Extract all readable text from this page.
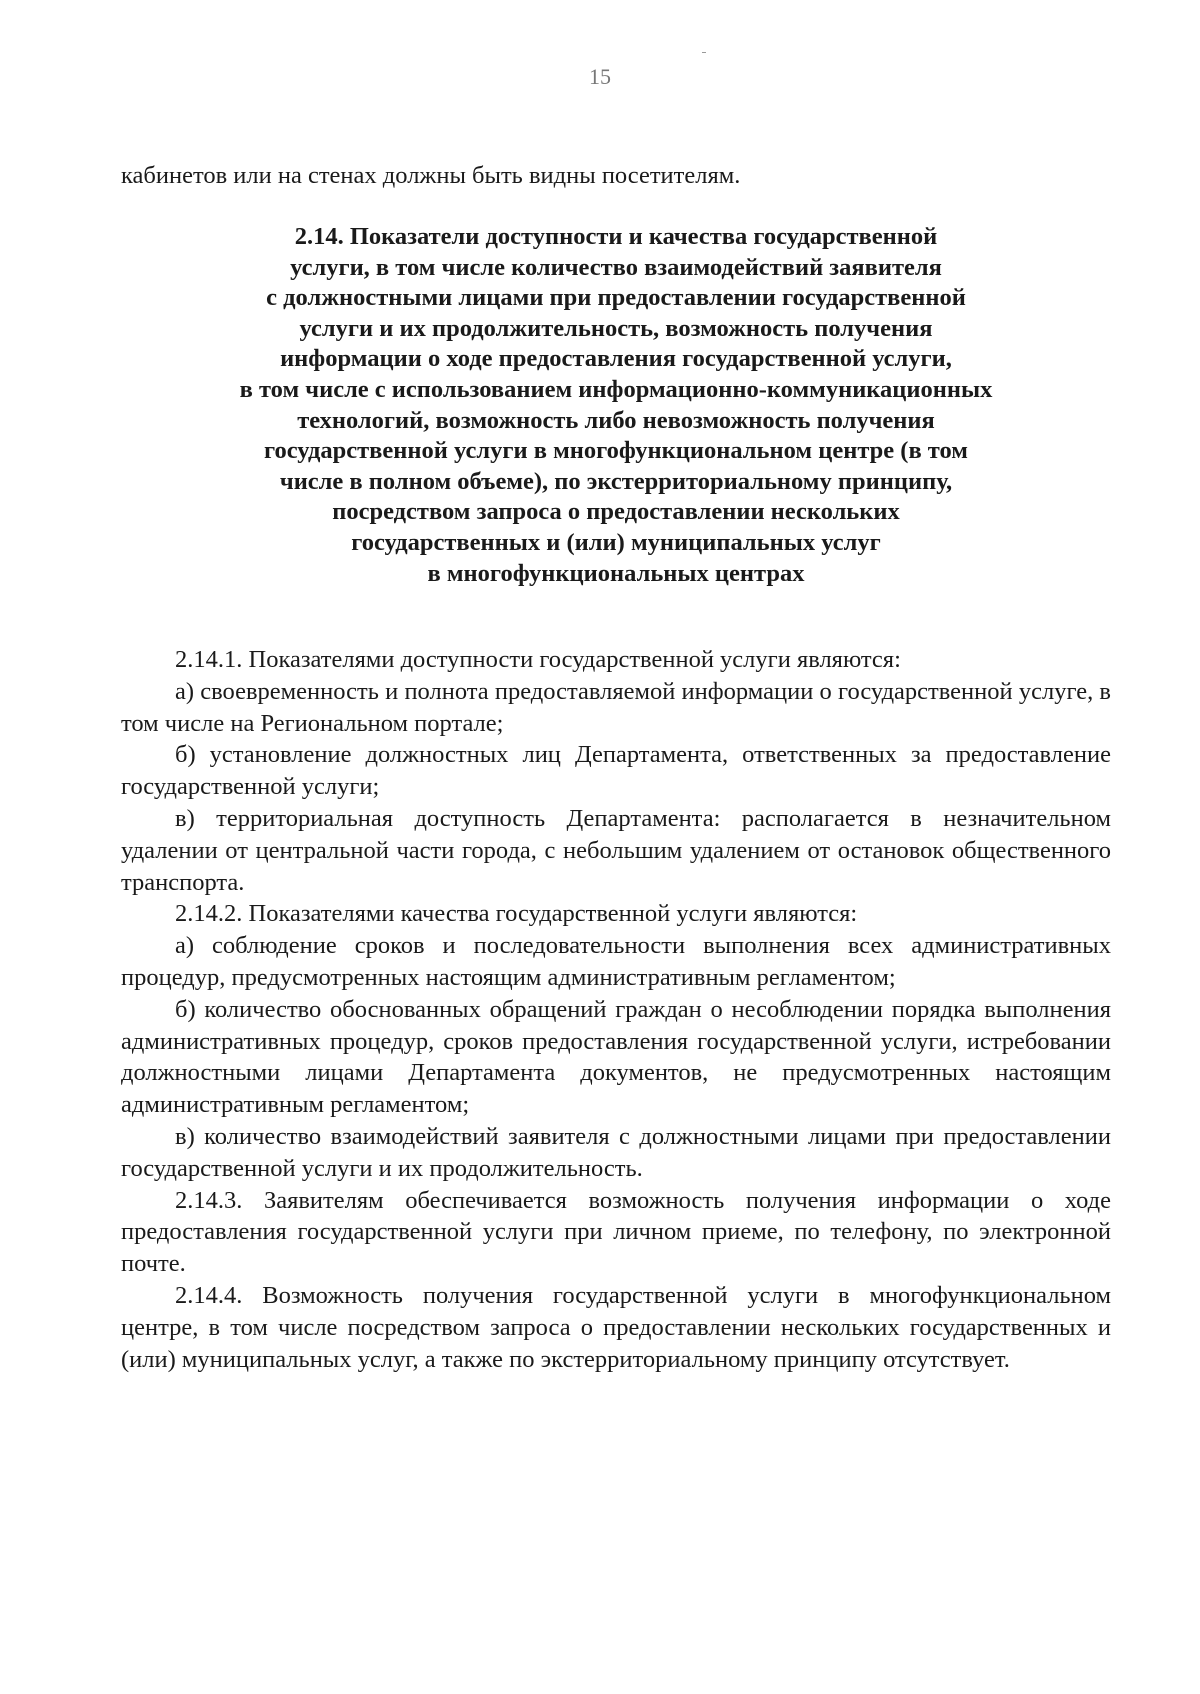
15
кабинетов или на стенах должны быть видны посетителям.
2.14. Показатели доступности и качества государственной
услуги, в том числе количество взаимодействий заявителя
с должностными лицами при предоставлении государственной
услуги и их продолжительность, возможность получения
информации о ходе предоставления государственной услуги,
в том числе с использованием информационно-коммуникационных
технологий, возможность либо невозможность получения
государственной услуги в многофункциональном центре (в том
числе в полном объеме), по экстерриториальному принципу,
посредством запроса о предоставлении нескольких
государственных и (или) муниципальных услуг
в многофункциональных центрах

2.14.1. Показателями доступности государственной услуги являются:

а) своевременность и полнота предоставляемой информации о государственной услуге, в том числе на Региональном портале;

б) установление должностных лиц Департамента, ответственных за предоставление государственной услуги;

в) территориальная доступность Департамента: располагается в незначительном удалении от центральной части города, с небольшим удалением от остановок общественного транспорта.

2.14.2. Показателями качества государственной услуги являются:

а) соблюдение сроков и последовательности выполнения всех административных процедур, предусмотренных настоящим административным регламентом;

б) количество обоснованных обращений граждан о несоблюдении порядка выполнения административных процедур, сроков предоставления государственной услуги, истребовании должностными лицами Департамента документов, не предусмотренных настоящим административным регламентом;

в) количество взаимодействий заявителя с должностными лицами при предоставлении государственной услуги и их продолжительность.

2.14.3. Заявителям обеспечивается возможность получения информации о ходе предоставления государственной услуги при личном приеме, по телефону, по электронной почте.

2.14.4. Возможность получения государственной услуги в многофункциональном центре, в том числе посредством запроса о предоставлении нескольких государственных и (или) муниципальных услуг, а также по экстерриториальному принципу отсутствует.
